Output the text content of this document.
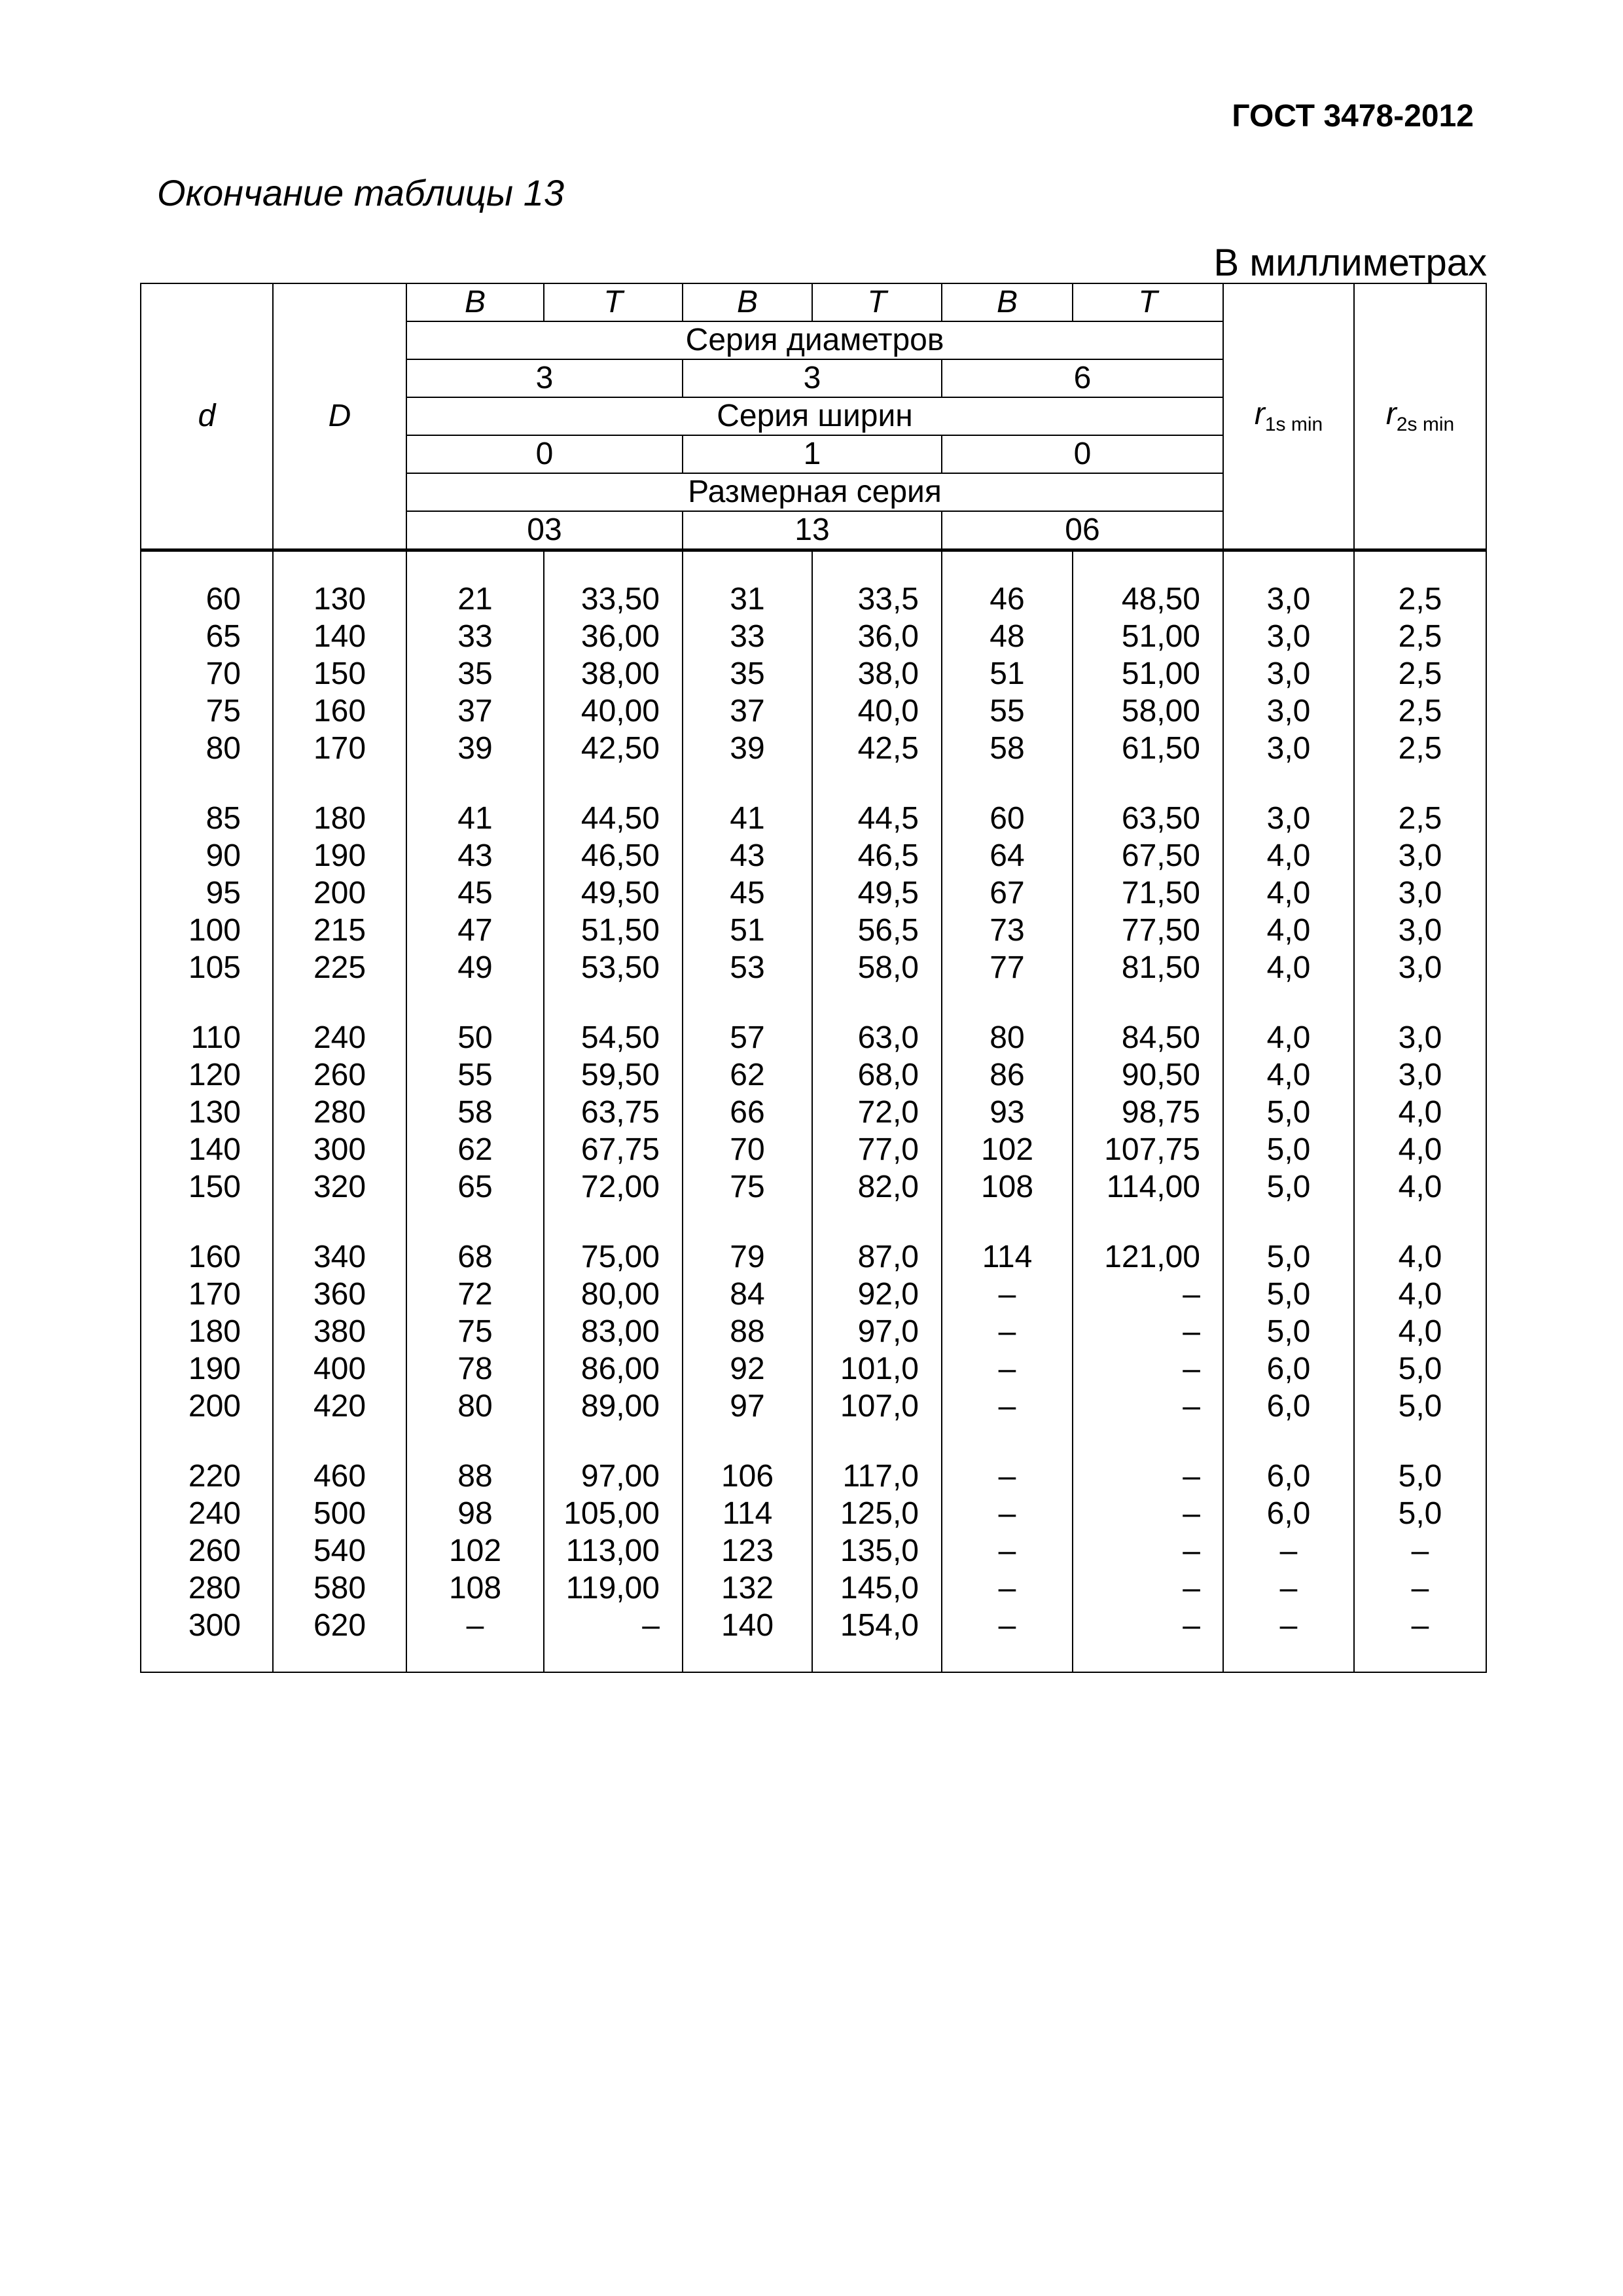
ГОСТ 3478-2012
Окончание таблицы 13
В миллиметрах
d	D	B	T	B	T	B	T	$r_{1s min}$	$r_{2s min}$
		Серия диаметров							
		3		3		6			
		Серия ширин							
		0		1		0			
		Размерная серия							
		03		13		06			

60	130	21	33,50	31	33,5	46	48,50	3,0	2,5
65	140	33	36,00	33	36,0	48	51,00	3,0	2,5
70	150	35	38,00	35	38,0	51	51,00	3,0	2,5
75	160	37	40,00	37	40,0	55	58,00	3,0	2,5
80	170	39	42,50	39	42,5	58	61,50	3,0	2,5
85	180	41	44,50	41	44,5	60	63,50	3,0	2,5
90	190	43	46,50	43	46,5	64	67,50	4,0	3,0
95	200	45	49,50	45	49,5	67	71,50	4,0	3,0
100	215	47	51,50	51	56,5	73	77,50	4,0	3,0
105	225	49	53,50	53	58,0	77	81,50	4,0	3,0
110	240	50	54,50	57	63,0	80	84,50	4,0	3,0
120	260	55	59,50	62	68,0	86	90,50	4,0	3,0
130	280	58	63,75	66	72,0	93	98,75	5,0	4,0
140	300	62	67,75	70	77,0	102	107,75	5,0	4,0
150	320	65	72,00	75	82,0	108	114,00	5,0	4,0
160	340	68	75,00	79	87,0	114	121,00	5,0	4,0
170	360	72	80,00	84	92,0	–	–	5,0	4,0
180	380	75	83,00	88	97,0	–	–	5,0	4,0
190	400	78	86,00	92	101,0	–	–	6,0	5,0
200	420	80	89,00	97	107,0	–	–	6,0	5,0
220	460	88	97,00	106	117,0	–	–	6,0	5,0
240	500	98	105,00	114	125,0	–	–	6,0	5,0
260	540	102	113,00	123	135,0	–	–	–	–
280	580	108	119,00	132	145,0	–	–	–	–
300	620	–	–	140	154,0	–	–	–	–
